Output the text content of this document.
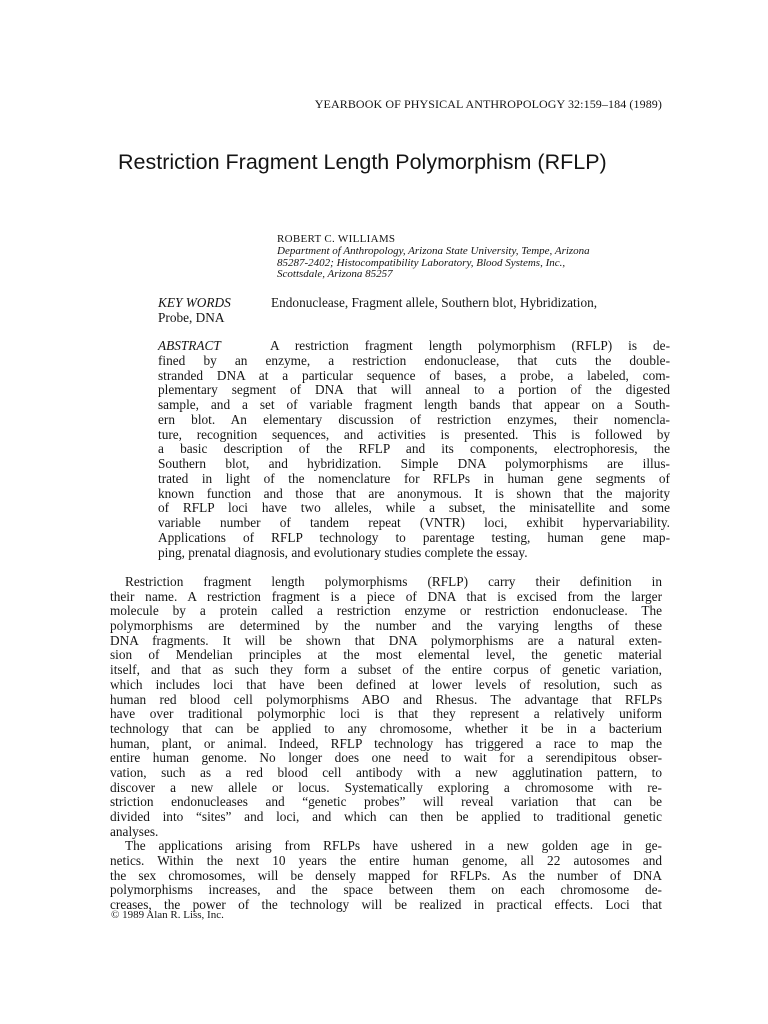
YEARBOOK OF PHYSICAL ANTHROPOLOGY 32:159–184 (1989)
Restriction Fragment Length Polymorphism (RFLP)
ROBERT C. WILLIAMS
Department of Anthropology, Arizona State University, Tempe, Arizona
85287-2402; Histocompatibility Laboratory, Blood Systems, Inc.,
Scottsdale, Arizona 85257
KEY WORDS	Endonuclease, Fragment allele, Southern blot, Hybridization,
Probe, DNA
ABSTRACT	A restriction fragment length polymorphism (RFLP) is de-
fined by an enzyme, a restriction endonuclease, that cuts the double-
stranded DNA at a particular sequence of bases, a probe, a labeled, com-
plementary segment of DNA that will anneal to a portion of the digested
sample, and a set of variable fragment length bands that appear on a South-
ern blot. An elementary discussion of restriction enzymes, their nomencla-
ture, recognition sequences, and activities is presented. This is followed by
a basic description of the RFLP and its components, electrophoresis, the
Southern blot, and hybridization. Simple DNA polymorphisms are illus-
trated in light of the nomenclature for RFLPs in human gene segments of
known function and those that are anonymous. It is shown that the majority
of RFLP loci have two alleles, while a subset, the minisatellite and some
variable number of tandem repeat (VNTR) loci, exhibit hypervariability.
Applications of RFLP technology to parentage testing, human gene map-
ping, prenatal diagnosis, and evolutionary studies complete the essay.
Restriction fragment length polymorphisms (RFLP) carry their definition in
their name. A restriction fragment is a piece of DNA that is excised from the larger
molecule by a protein called a restriction enzyme or restriction endonuclease. The
polymorphisms are determined by the number and the varying lengths of these
DNA fragments. It will be shown that DNA polymorphisms are a natural exten-
sion of Mendelian principles at the most elemental level, the genetic material
itself, and that as such they form a subset of the entire corpus of genetic variation,
which includes loci that have been defined at lower levels of resolution, such as
human red blood cell polymorphisms ABO and Rhesus. The advantage that RFLPs
have over traditional polymorphic loci is that they represent a relatively uniform
technology that can be applied to any chromosome, whether it be in a bacterium
human, plant, or animal. Indeed, RFLP technology has triggered a race to map the
entire human genome. No longer does one need to wait for a serendipitous obser-
vation, such as a red blood cell antibody with a new agglutination pattern, to
discover a new allele or locus. Systematically exploring a chromosome with re-
striction endonucleases and “genetic probes” will reveal variation that can be
divided into “sites” and loci, and which can then be applied to traditional genetic
analyses.
The applications arising from RFLPs have ushered in a new golden age in ge-
netics. Within the next 10 years the entire human genome, all 22 autosomes and
the sex chromosomes, will be densely mapped for RFLPs. As the number of DNA
polymorphisms increases, and the space between them on each chromosome de-
creases, the power of the technology will be realized in practical effects. Loci that
© 1989 Alan R. Liss, Inc.
